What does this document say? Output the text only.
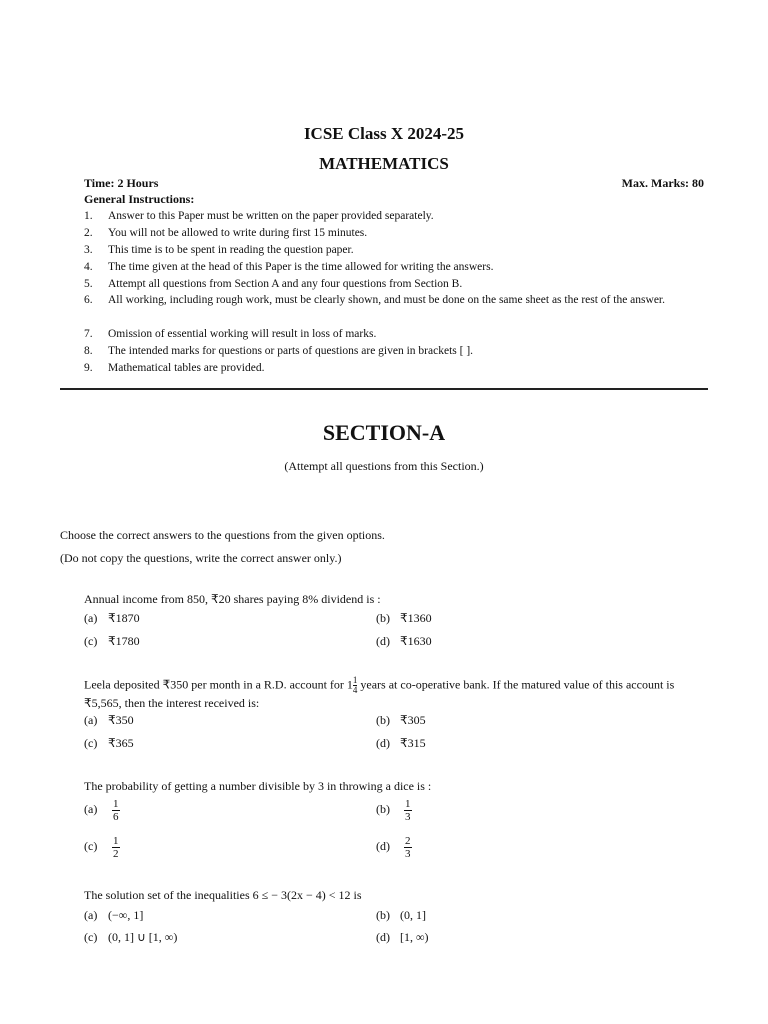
ICSE Class X 2024-25
MATHEMATICS
Time: 2 Hours	Max. Marks: 80
General Instructions:
1.	Answer to this Paper must be written on the paper provided separately.
2.	You will not be allowed to write during first 15 minutes.
3.	This time is to be spent in reading the question paper.
4.	The time given at the head of this Paper is the time allowed for writing the answers.
5.	Attempt all questions from Section A and any four questions from Section B.
6.	All working, including rough work, must be clearly shown, and must be done on the same sheet as the rest of the answer.
7.	Omission of essential working will result in loss of marks.
8.	The intended marks for questions or parts of questions are given in brackets [ ].
9.	Mathematical tables are provided.
SECTION-A
(Attempt all questions from this Section.)
Choose the correct answers to the questions from the given options.
(Do not copy the questions, write the correct answer only.)
Annual income from 850, ₹20 shares paying 8% dividend is :
(a) ₹1870	(b) ₹1360
(c) ₹1780	(d) ₹1630
Leela deposited ₹350 per month in a R.D. account for $1 \frac{1}{4}$ years at co-operative bank. If the matured value of this account is ₹5,565, then the interest received is:
(a) ₹350	(b) ₹305
(c) ₹365	(d) ₹315
The probability of getting a number divisible by 3 in throwing a dice is :
$(a) \frac{1}{6}$	$(b) \frac{1}{3}$
$(c) \frac{1}{2}$	$(d) \frac{2}{3}$
The solution set of the inequalities 6 ≤ − 3(2x − 4) < 12 is
(a) (−∞, 1]	(b) (0, 1]
(c) (0, 1] ∪ [1, ∞)	(d) [1, ∞)
